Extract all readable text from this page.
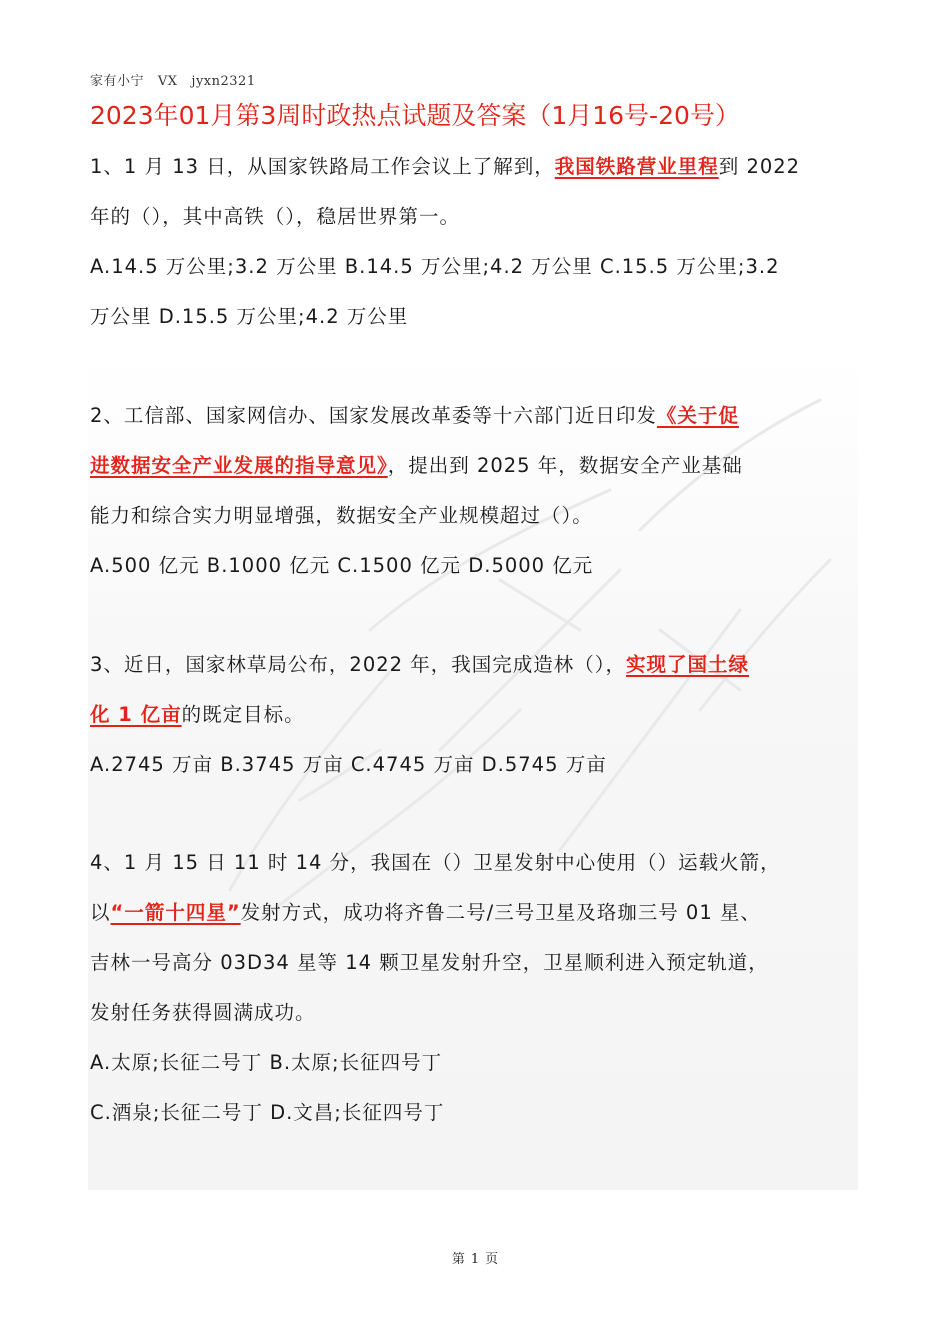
家有小宁   VX   jyxn2321
2023年01月第3周时政热点试题及答案（1月16号-20号）
1、1 月 13 日，从国家铁路局工作会议上了解到，我国铁路营业里程到 2022
年的（），其中高铁（），稳居世界第一。
A.14.5 万公里;3.2 万公里 B.14.5 万公里;4.2 万公里 C.15.5 万公里;3.2
万公里 D.15.5 万公里;4.2 万公里
2、工信部、国家网信办、国家发展改革委等十六部门近日印发《关于促
进数据安全产业发展的指导意见》，提出到 2025 年，数据安全产业基础
能力和综合实力明显增强，数据安全产业规模超过（）。
A.500 亿元 B.1000 亿元 C.1500 亿元 D.5000 亿元
3、近日，国家林草局公布，2022 年，我国完成造林（），实现了国土绿
化 1 亿亩的既定目标。
A.2745 万亩 B.3745 万亩 C.4745 万亩 D.5745 万亩
4、1 月 15 日 11 时 14 分，我国在（）卫星发射中心使用（）运载火箭，
以“一箭十四星”发射方式，成功将齐鲁二号/三号卫星及珞珈三号 01 星、
吉林一号高分 03D34 星等 14 颗卫星发射升空，卫星顺利进入预定轨道，
发射任务获得圆满成功。
A.太原;长征二号丁 B.太原;长征四号丁
C.酒泉;长征二号丁 D.文昌;长征四号丁
第 1 页
